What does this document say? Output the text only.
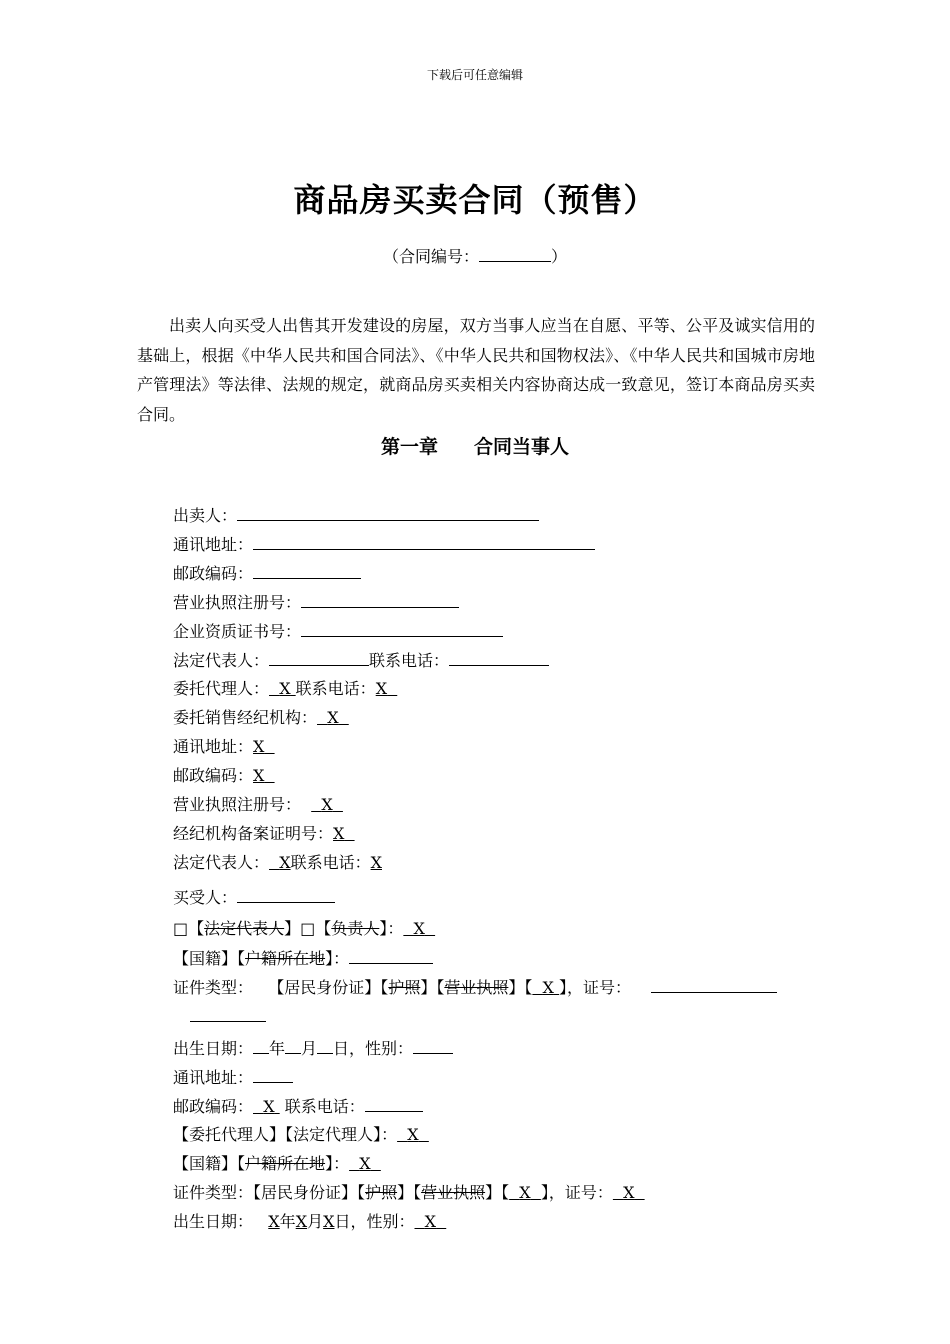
下载后可任意编辑
商品房买卖合同（预售）
（合同编号：	）

出卖人向买受人出售其开发建设的房屋，双方当事人应当在自愿、平等、公平及诚实信用的基础上，根据《中华人民共和国合同法》、《中华人民共和国物权法》、《中华人民共和国城市房地产管理法》等法律、法规的规定，就商品房买卖相关内容协商达成一致意见，签订本商品房买卖合同。

第一章 合同当事人
出卖人：
通讯地址：
邮政编码：
营业执照注册号：
企业资质证书号：
法定代表人：	联系电话：
委托代理人： X 联系电话：X
委托销售经纪机构： X
通讯地址：X
邮政编码：X
营业执照注册号： X
经纪机构备案证明号：X
法定代表人： X联系电话：X
买受人：
□【法定代表人】□【负责人】： X
【国籍】【户籍所在地】：
证件类型：   【居民身份证】【护照】【营业执照】【 X 】，证号：
出生日期： 年 月 日，性别：
通讯地址：
邮政编码： X 联系电话：
【委托代理人】【法定代理人】： X
【国籍】【户籍所在地】： X
证件类型：【居民身份证】【护照】【营业执照】【 X 】，证号： X
出生日期： X年X月X日，性别： X
